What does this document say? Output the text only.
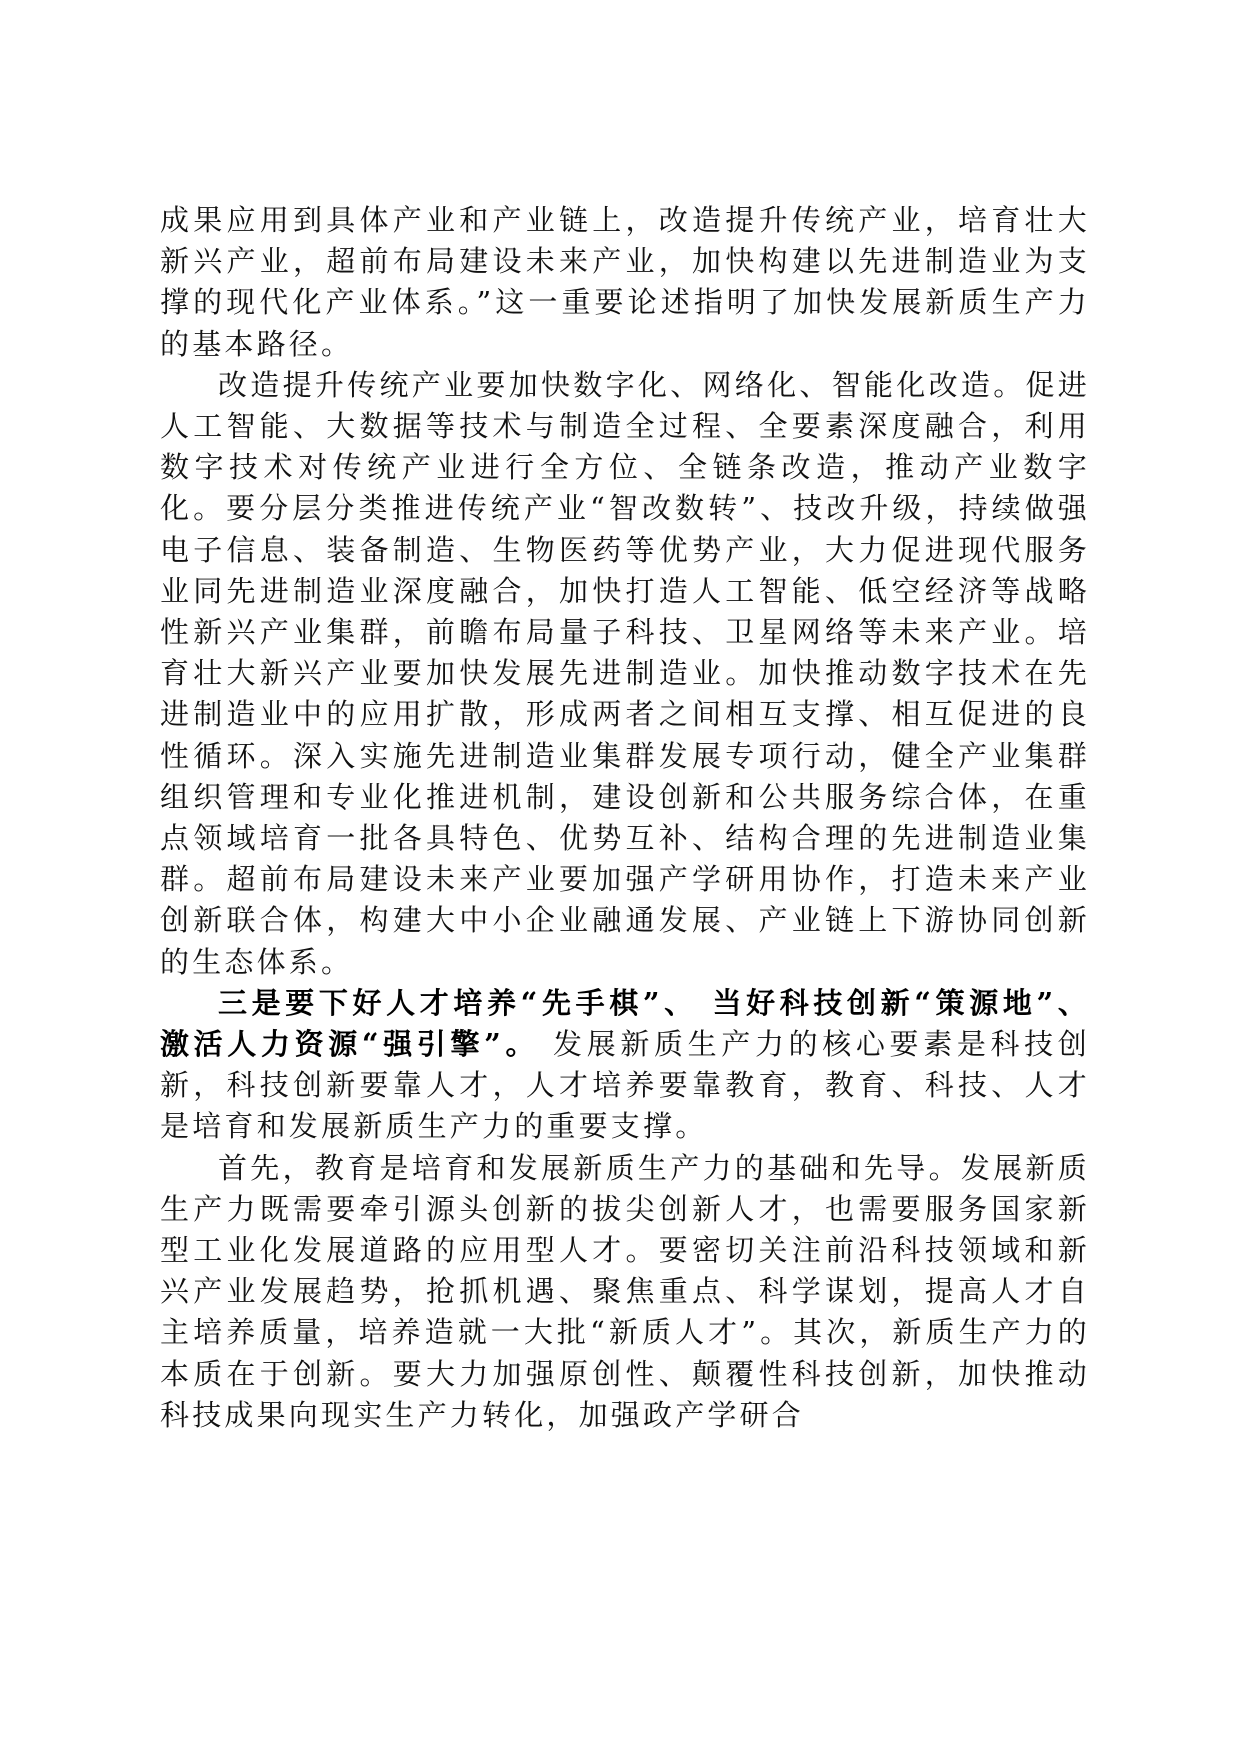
成果应用到具体产业和产业链上，改造提升传统产业，培育壮大新兴产业，超前布局建设未来产业，加快构建以先进制造业为支撑的现代化产业体系。”这一重要论述指明了加快发展新质生产力的基本路径。

改造提升传统产业要加快数字化、网络化、智能化改造。促进人工智能、大数据等技术与制造全过程、全要素深度融合，利用数字技术对传统产业进行全方位、全链条改造，推动产业数字化。要分层分类推进传统产业“智改数转”、技改升级，持续做强电子信息、装备制造、生物医药等优势产业，大力促进现代服务业同先进制造业深度融合，加快打造人工智能、低空经济等战略性新兴产业集群，前瞻布局量子科技、卫星网络等未来产业。培育壮大新兴产业要加快发展先进制造业。加快推动数字技术在先进制造业中的应用扩散，形成两者之间相互支撑、相互促进的良性循环。深入实施先进制造业集群发展专项行动，健全产业集群组织管理和专业化推进机制，建设创新和公共服务综合体，在重点领域培育一批各具特色、优势互补、结构合理的先进制造业集群。超前布局建设未来产业要加强产学研用协作，打造未来产业创新联合体，构建大中小企业融通发展、产业链上下游协同创新的生态体系。

三是要下好人才培养“先手棋”、 当好科技创新“策源地”、 激活人力资源“强引擎”。 发展新质生产力的核心要素是科技创新，科技创新要靠人才，人才培养要靠教育，教育、科技、人才是培育和发展新质生产力的重要支撑。

首先，教育是培育和发展新质生产力的基础和先导。发展新质生产力既需要牵引源头创新的拔尖创新人才，也需要服务国家新型工业化发展道路的应用型人才。要密切关注前沿科技领域和新兴产业发展趋势，抢抓机遇、聚焦重点、科学谋划，提高人才自主培养质量，培养造就一大批“新质人才”。其次，新质生产力的本质在于创新。要大力加强原创性、颠覆性科技创新，加快推动科技成果向现实生产力转化，加强政产学研合
